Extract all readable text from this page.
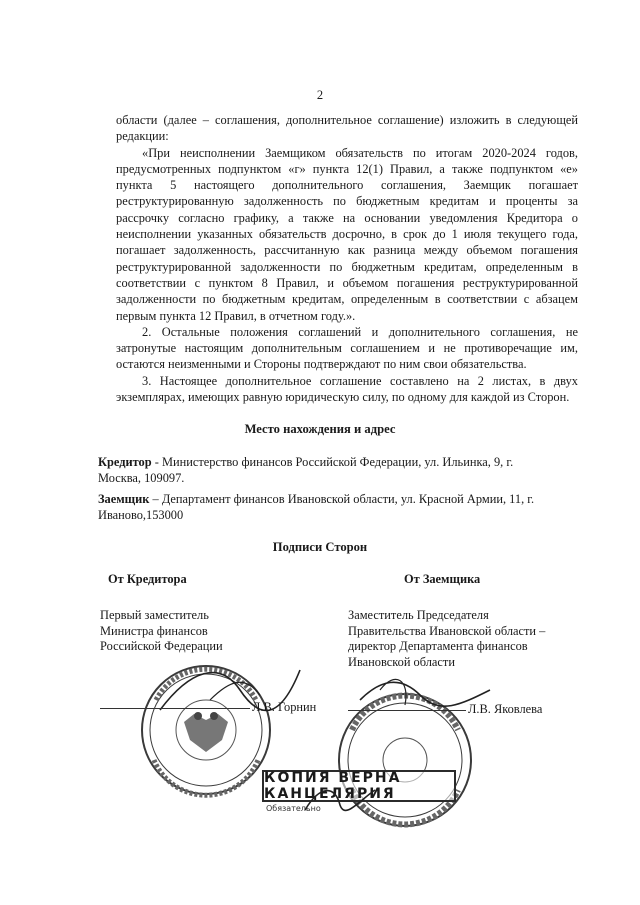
2

области (далее – соглашения, дополнительное соглашение) изложить в следующей редакции:

«При неисполнении Заемщиком обязательств по итогам 2020-2024 годов, предусмотренных подпунктом «г» пункта 12(1) Правил, а также подпунктом «е» пункта 5 настоящего дополнительного соглашения, Заемщик погашает реструктурированную задолженность по бюджетным кредитам и проценты за рассрочку согласно графику, а также на основании уведомления Кредитора о неисполнении указанных обязательств досрочно, в срок до 1 июля текущего года, погашает задолженность, рассчитанную как разница между объемом погашения реструктурированной задолженности по бюджетным кредитам, определенным в соответствии с пунктом 8 Правил, и объемом погашения реструктурированной задолженности по бюджетным кредитам, определенным в соответствии с абзацем первым пункта 12 Правил, в отчетном году.».

2. Остальные положения соглашений и дополнительного соглашения, не затронутые настоящим дополнительным соглашением и не противоречащие им, остаются неизменными и Стороны подтверждают по ним свои обязательства.

3. Настоящее дополнительное соглашение составлено на 2 листах, в двух экземплярах, имеющих равную юридическую силу, по одному для каждой из Сторон.

Место нахождения и адрес
Кредитор - Министерство финансов Российской Федерации, ул. Ильинка, 9, г. Москва, 109097.
Заемщик – Департамент финансов Ивановской области, ул. Красной Армии, 11, г. Иваново,153000
Подписи Сторон
От Кредитора	От Заемщика
Первый заместитель
Министра финансов
Российской Федерации
Заместитель Председателя
Правительства Ивановской области –
директор Департамента финансов
Ивановской области
Л.В. Горнин	Л.В. Яковлева
КОПИЯ ВЕРНА КАНЦЕЛЯРИЯ
Обязательно
